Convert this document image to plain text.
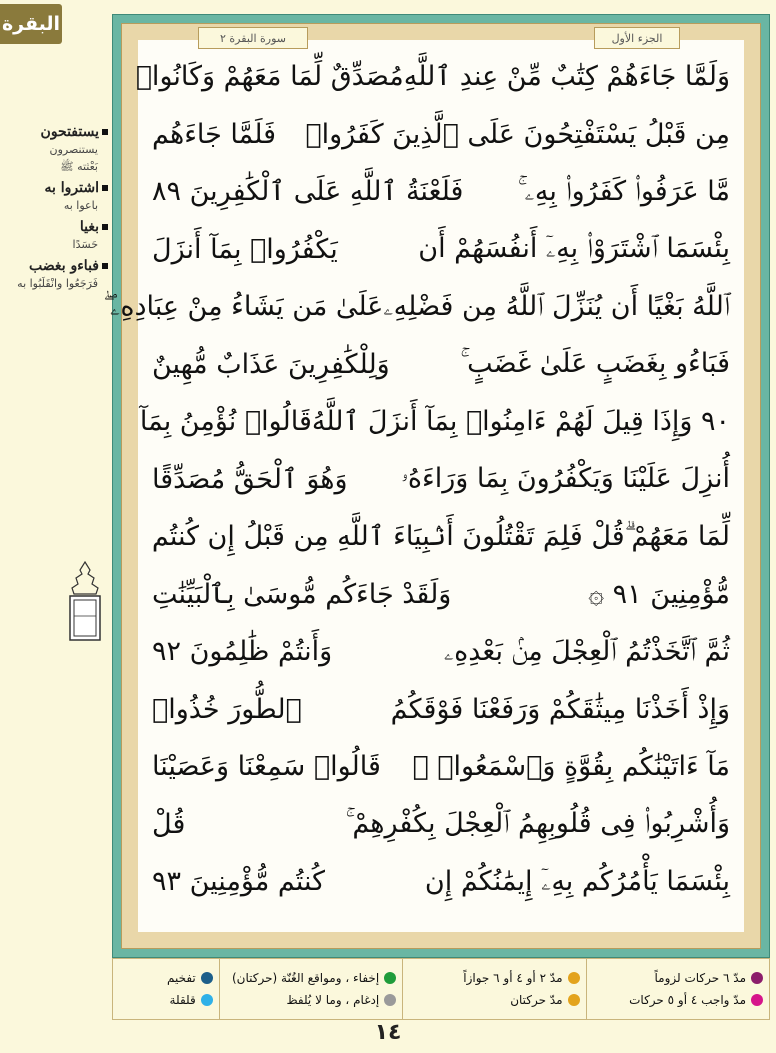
البقرة
يستفتحون
يستنصرون
بَعْثته ﷺ
اشتروا به
باعوا به
بغيا
حَسَدًا
فباءو بغضب
فَرَجَعُوا وانْقَلَبُوا به
سورة البقرة ٢	الجزء الأول
وَلَمَّا جَاءَهُمْ كِتَٰبٌ مِّنْ عِندِ ٱللَّهِ
مُصَدِّقٌ لِّمَا مَعَهُمْ وَكَانُوا۟
مِن قَبْلُ يَسْتَفْتِحُونَ عَلَى ٱلَّذِينَ كَفَرُوا۟
فَلَمَّا جَاءَهُم
مَّا عَرَفُوا۟ كَفَرُوا۟ بِهِۦ ۚ
فَلَعْنَةُ ٱللَّهِ عَلَى ٱلْكَٰفِرِينَ ٨٩
بِئْسَمَا ٱشْتَرَوْا۟ بِهِۦٓ أَنفُسَهُمْ أَن
يَكْفُرُوا۟ بِمَآ أَنزَلَ
ٱللَّهُ بَغْيًا أَن يُنَزِّلَ ٱللَّهُ مِن فَضْلِهِۦ
عَلَىٰ مَن يَشَاءُ مِنْ عِبَادِهِۦ ۖ
فَبَاءُو بِغَضَبٍ عَلَىٰ غَضَبٍ ۚ
وَلِلْكَٰفِرِينَ عَذَابٌ مُّهِينٌ
٩٠ وَإِذَا قِيلَ لَهُمْ ءَامِنُوا۟ بِمَآ أَنزَلَ ٱللَّهُ
قَالُوا۟ نُؤْمِنُ بِمَآ
أُنزِلَ عَلَيْنَا وَيَكْفُرُونَ بِمَا وَرَاءَهُۥ
وَهُوَ ٱلْحَقُّ مُصَدِّقًا
لِّمَا مَعَهُمْ ۗ
قُلْ فَلِمَ تَقْتُلُونَ أَنۢبِيَاءَ ٱللَّهِ مِن قَبْلُ إِن كُنتُم
مُّؤْمِنِينَ ٩١ ۞
وَلَقَدْ جَاءَكُم مُّوسَىٰ بِٱلْبَيِّنَٰتِ
ثُمَّ ٱتَّخَذْتُمُ ٱلْعِجْلَ مِنۢ بَعْدِهِۦ
وَأَنتُمْ ظَٰلِمُونَ ٩٢
وَإِذْ أَخَذْنَا مِيثَٰقَكُمْ وَرَفَعْنَا فَوْقَكُمُ
ٱلطُّورَ خُذُوا۟
مَآ ءَاتَيْنَٰكُم بِقُوَّةٍ وَٱسْمَعُوا۟ ۖ
قَالُوا۟ سَمِعْنَا وَعَصَيْنَا
وَأُشْرِبُوا۟ فِى قُلُوبِهِمُ ٱلْعِجْلَ بِكُفْرِهِمْ ۚ
قُلْ
بِئْسَمَا يَأْمُرُكُم بِهِۦٓ إِيمَٰنُكُمْ إِن
كُنتُم مُّؤْمِنِينَ ٩٣
مدّ ٦ حركات لزوماً
مدّ واجب ٤ أو ٥ حركات
مدّ ٢ أو ٤ أو ٦ جوازاً
مدّ حركتان
إخفاء ، ومواقع الغُنّة (حركتان)
إدغام ، وما لا يُلفظ
تفخيم
قلقلة
١٤
